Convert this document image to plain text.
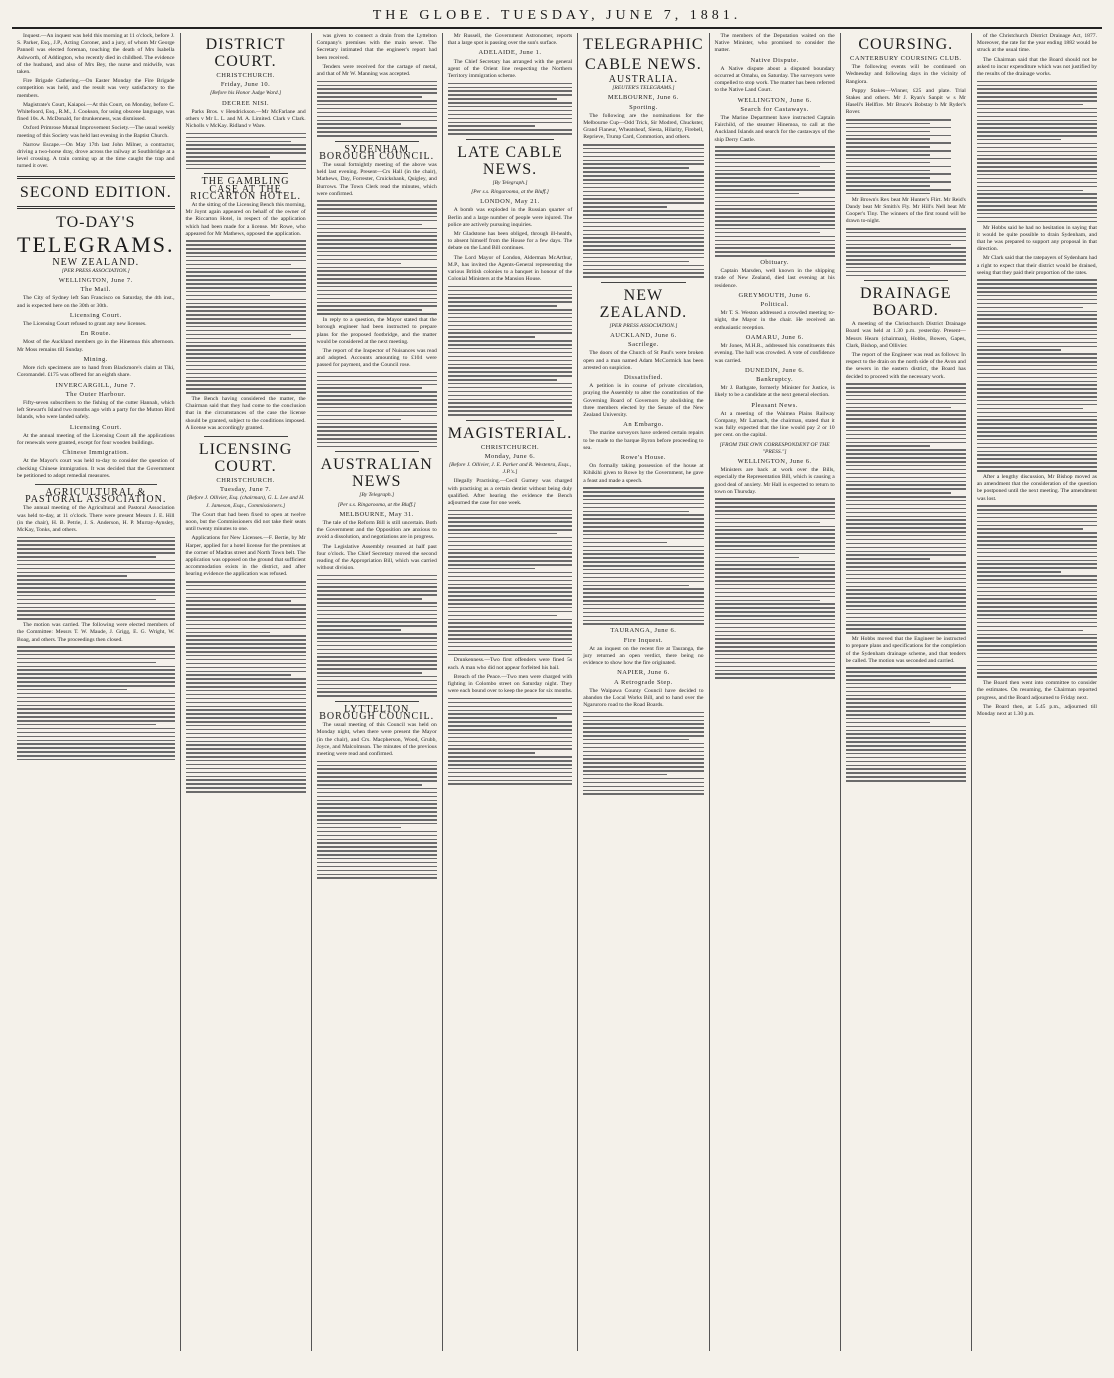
THE GLOBE. TUESDAY, JUNE 7, 1881.

Inquest.—An inquest was held this morning at 11 o'clock, before J. S. Parker, Esq., J.P., Acting Coroner, and a jury, of whom Mr George Pannell was elected foreman, touching the death of Mrs Isabella Ashworth, of Addington, who recently died in childbed. The evidence of the husband, and also of Mrs Bey, the nurse and midwife, was taken.

Fire Brigade Gathering.—On Easter Monday the Fire Brigade competition was held, and the result was very satisfactory to the members.

Magistrate's Court, Kaiapoi.—At this Court, on Monday, before C. Whitefoord, Esq., R.M., J. Cookson, for using obscene language, was fined 10s. A. McDonald, for drunkenness, was dismissed.

Oxford Primrose Mutual Improvement Society.—The usual weekly meeting of this Society was held last evening in the Baptist Church.

Narrow Escape.—On May 17th last John Milner, a contractor, driving a two-horse dray, drove across the railway at Southbridge at a level crossing. A train coming up at the time caught the trap and turned it over.

SECOND EDITION.
TO-DAY'S
TELEGRAMS.
NEW ZEALAND.
[PER PRESS ASSOCIATION.]
WELLINGTON, June 7.
The Mail.

The City of Sydney left San Francisco on Saturday, the 4th inst., and is expected here on the 30th or 30th.

Licensing Court.

The Licensing Court refused to grant any new licenses.

En Route.

Most of the Auckland members go in the Hinemoa this afternoon. Mr Moss remains till Sunday.

Mining.

More rich specimens are to hand from Blackmore's claim at Tiki, Coromandel. £175 was offered for an eighth share.

INVERCARGILL, June 7.
The Outer Harbour.

Fifty-seven subscribers to the fishing of the cutter Hannah, which left Stewart's Island two months ago with a party for the Mutton Bird Islands, who were landed safely.

Licensing Court.

At the annual meeting of the Licensing Court all the applications for renewals were granted, except for four wooden buildings.

Chinese Immigration.

At the Mayor's court was held to-day to consider the question of checking Chinese immigration. It was decided that the Government be petitioned to adopt remedial measures.

AGRICULTURAL & PASTORAL ASSOCIATION.

The annual meeting of the Agricultural and Pastoral Association was held to-day, at 11 o'clock. There were present Messrs J. E. Hill (in the chair), H. B. Petrie, J. S. Anderson, H. P. Murray-Aynsley, McKay, Tonks, and others.

The motion was carried. The following were elected members of the Committee: Messrs T. W. Maude, J. Grigg, E. G. Wright, W. Boag, and others. The proceedings then closed.

DISTRICT COURT.
CHRISTCHURCH.
Friday, June 10.
[Before his Honor Judge Ward.]
DECREE NISI.

Parks Bros. v Hendrickson.—Mr McFarlane and others v Mr L. L. and M. A. Limited. Clark v Clark. Nicholls v McKay. Ridland v Ware.

THE GAMBLING CASE AT THE RICCARTON HOTEL.

At the sitting of the Licensing Bench this morning, Mr Joynt again appeared on behalf of the owner of the Riccarton Hotel, in respect of the application which had been made for a license. Mr Rowe, who appeared for Mr Mathews, opposed the application.

The Bench having considered the matter, the Chairman said that they had come to the conclusion that in the circumstances of the case the license should be granted, subject to the conditions imposed. A license was accordingly granted.

LICENSING COURT.
CHRISTCHURCH.
Tuesday, June 7.
[Before J. Ollivier, Esq. (chairman), G. L. Lee and H. J. Jameson, Esqs., Commissioners.]

The Court that had been fixed to open at twelve noon, but the Commissioners did not take their seats until twenty minutes to one.

Applications for New Licenses.—F. Bertie, by Mr Harper, applied for a hotel license for the premises at the corner of Madras street and North Town belt. The application was opposed on the ground that sufficient accommodation exists in the district, and after hearing evidence the application was refused.

was given to connect a drain from the Lyttelton Company's premises with the main sewer. The Secretary intimated that the engineer's report had been received.

Tenders were received for the cartage of metal, and that of Mr W. Manning was accepted.

SYDENHAM BOROUGH COUNCIL.

The usual fortnightly meeting of the above was held last evening. Present—Crs Hall (in the chair), Mathews, Day, Forrester, Cruickshank, Quigley, and Burrows. The Town Clerk read the minutes, which were confirmed.

In reply to a question, the Mayor stated that the borough engineer had been instructed to prepare plans for the proposed footbridge, and the matter would be considered at the next meeting.

The report of the Inspector of Nuisances was read and adopted. Accounts amounting to £104 were passed for payment, and the Council rose.

AUSTRALIAN NEWS
[By Telegraph.]
[Per s.s. Ringarooma, at the Bluff.]
MELBOURNE, May 31.

The tale of the Reform Bill is still uncertain. Both the Government and the Opposition are anxious to avoid a dissolution, and negotiations are in progress.

The Legislative Assembly resumed at half past four o'clock. The Chief Secretary moved the second reading of the Appropriation Bill, which was carried without division.

LYTTELTON BOROUGH COUNCIL.

The usual meeting of this Council was held on Monday night, when there were present the Mayor (in the chair), and Crs. Macpherson, Wood, Grubb, Joyce, and Malcolmson. The minutes of the previous meeting were read and confirmed.

Mr Russell, the Government Astronomer, reports that a large spot is passing over the sun's surface.

ADELAIDE, June 1.

The Chief Secretary has arranged with the general agent of the Orient line respecting the Northern Territory immigration scheme.

LATE CABLE NEWS.
[By Telegraph.]
[Per s.s. Ringarooma, at the Bluff.]
LONDON, May 21.

A bomb was exploded in the Russian quarter of Berlin and a large number of people were injured. The police are actively pursuing inquiries.

Mr Gladstone has been obliged, through ill-health, to absent himself from the House for a few days. The debate on the Land Bill continues.

The Lord Mayor of London, Alderman McArthur, M.P., has invited the Agents-General representing the various British colonies to a banquet in honour of the Colonial Ministers at the Mansion House.

MAGISTERIAL.
CHRISTCHURCH.
Monday, June 6.
[Before J. Ollivier, J. E. Parker and R. Westenra, Esqs., J.P.'s.]

Illegally Practising.—Cecil Gurney was charged with practising as a certain dentist without being duly qualified. After hearing the evidence the Bench adjourned the case for one week.

Drunkenness.—Two first offenders were fined 5s each. A man who did not appear forfeited his bail.

Breach of the Peace.—Two men were charged with fighting in Colombo street on Saturday night. They were each bound over to keep the peace for six months.

TELEGRAPHIC
CABLE NEWS.
AUSTRALIA.
[REUTER'S TELEGRAMS.]
MELBOURNE, June 6.
Sporting.

The following are the nominations for the Melbourne Cup—Odd Trick, Sir Modred, Chuckster, Grand Flaneur, Wheatsheaf, Siesta, Hilarity, Firebell, Reprieve, Trump Card, Commotion, and others.

NEW ZEALAND.
[PER PRESS ASSOCIATION.]
AUCKLAND, June 6.
Sacrilege.

The doors of the Church of St Paul's were broken open and a man named Adam McCormick has been arrested on suspicion.

Dissatisfied.

A petition is in course of private circulation, praying the Assembly to alter the constitution of the Governing Board of Governors by abolishing the three members elected by the Senate of the New Zealand University.

An Embargo.

The marine surveyors have ordered certain repairs to be made to the barque Byron before proceeding to sea.

Rowe's House.

On formally taking possession of the house at Kihikihi given to Rowe by the Government, he gave a feast and made a speech.

TAURANGA, June 6.
Fire Inquest.

At an inquest on the recent fire at Tauranga, the jury returned an open verdict, there being no evidence to show how the fire originated.

NAPIER, June 6.
A Retrograde Step.

The Waipawa County Council have decided to abandon the Local Works Bill, and to hand over the Ngaruroro road to the Road Boards.

The members of the Deputation waited on the Native Minister, who promised to consider the matter.

Native Dispute.

A Native dispute about a disputed boundary occurred at Omahu, on Saturday. The surveyors were compelled to stop work. The matter has been referred to the Native Land Court.

WELLINGTON, June 6.
Search for Castaways.

The Marine Department have instructed Captain Fairchild, of the steamer Hinemoa, to call at the Auckland Islands and search for the castaways of the ship Derry Castle.

Obituary.

Captain Marsden, well known in the shipping trade of New Zealand, died last evening at his residence.

GREYMOUTH, June 6.
Political.

Mr T. S. Weston addressed a crowded meeting to-night, the Mayor in the chair. He received an enthusiastic reception.

OAMARU, June 6.

Mr Jones, M.H.R., addressed his constituents this evening. The hall was crowded. A vote of confidence was carried.

DUNEDIN, June 6.
Bankruptcy.

Mr J. Bathgate, formerly Minister for Justice, is likely to be a candidate at the next general election.

Pleasant News.

At a meeting of the Waimea Plains Railway Company, Mr Larnach, the chairman, stated that it was fully expected that the line would pay 2 or 10 per cent. on the capital.

[FROM THE OWN CORRESPONDENT OF THE "PRESS."]
WELLINGTON, June 6.

Ministers are back at work over the Bills, especially the Representation Bill, which is causing a good deal of anxiety. Mr Hall is expected to return to town on Thursday.

COURSING.
CANTERBURY COURSING CLUB.

The following events will be continued on Wednesday and following days in the vicinity of Rangiora.

Puppy Stakes—Winner, £25 and plate. Trial Stakes and others. Mr J. Ryan's Sanpit w s Mr Hasell's Hellfire. Mr Bruce's Bobstay b Mr Ryder's Rover.

Mr Brown's Rex beat Mr Hunter's Flirt. Mr Reid's Dandy beat Mr Smith's Fly. Mr Hill's Nell beat Mr Cooper's Tiny. The winners of the first round will be drawn to-night.

DRAINAGE BOARD.

A meeting of the Christchurch District Drainage Board was held at 1.30 p.m. yesterday. Present—Messrs Hearn (chairman), Hobbs, Bowen, Gapes, Clark, Bishop, and Ollivier.

The report of the Engineer was read as follows: In respect to the drain on the north side of the Avon and the sewers in the eastern district, the Board has decided to proceed with the necessary work.

Mr Hobbs moved that the Engineer be instructed to prepare plans and specifications for the completion of the Sydenham drainage scheme, and that tenders be called. The motion was seconded and carried.

of the Christchurch District Drainage Act, 1877. Moreover, the rate for the year ending 1882 would be struck at the usual time.

The Chairman said that the Board should not be asked to incur expenditure which was not justified by the results of the drainage works.

Mr Hobbs said he had no hesitation in saying that it would be quite possible to drain Sydenham, and that he was prepared to support any proposal in that direction.

Mr Clark said that the ratepayers of Sydenham had a right to expect that their district would be drained, seeing that they paid their proportion of the rates.

After a lengthy discussion, Mr Bishop moved as an amendment that the consideration of the question be postponed until the next meeting. The amendment was lost.

The Board then went into committee to consider the estimates. On resuming, the Chairman reported progress, and the Board adjourned to Friday next.

The Board then, at 5.45 p.m., adjourned till Monday next at 1.30 p.m.
